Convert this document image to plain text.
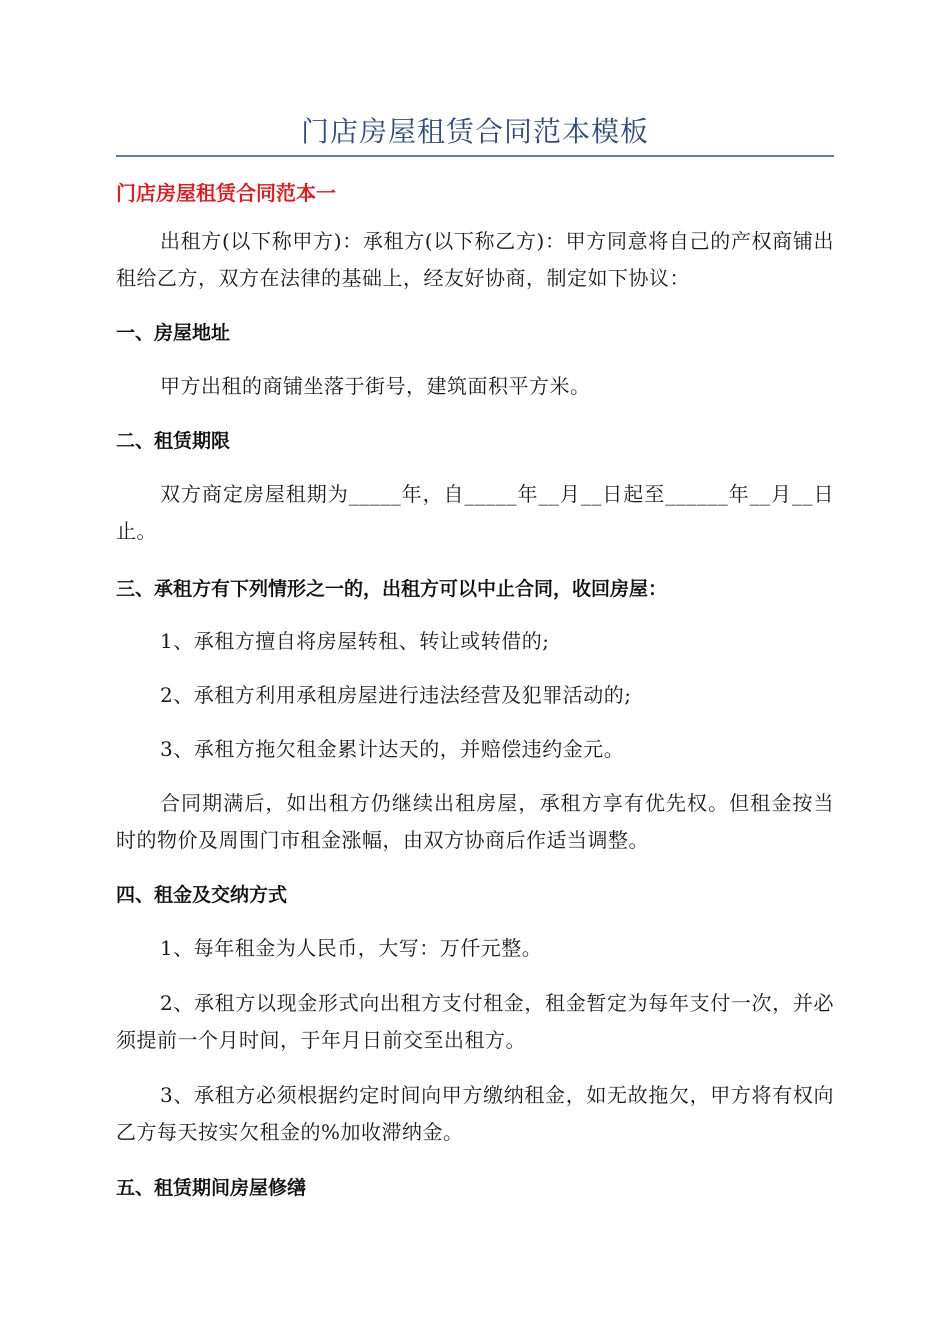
门店房屋租赁合同范本模板
门店房屋租赁合同范本一
出租方(以下称甲方)：承租方(以下称乙方)：甲方同意将自己的产权商铺出租给乙方，双方在法律的基础上，经友好协商，制定如下协议：
一、房屋地址
甲方出租的商铺坐落于街号，建筑面积平方米。
二、租赁期限
双方商定房屋租期为_____年，自_____年__月__日起至______年__月__日止。
三、承租方有下列情形之一的，出租方可以中止合同，收回房屋：
1、承租方擅自将房屋转租、转让或转借的;
2、承租方利用承租房屋进行违法经营及犯罪活动的;
3、承租方拖欠租金累计达天的，并赔偿违约金元。
合同期满后，如出租方仍继续出租房屋，承租方享有优先权。但租金按当时的物价及周围门市租金涨幅，由双方协商后作适当调整。
四、租金及交纳方式
1、每年租金为人民币，大写：万仟元整。
2、承租方以现金形式向出租方支付租金，租金暂定为每年支付一次，并必须提前一个月时间，于年月日前交至出租方。
3、承租方必须根据约定时间向甲方缴纳租金，如无故拖欠，甲方将有权向乙方每天按实欠租金的%加收滞纳金。
五、租赁期间房屋修缮
